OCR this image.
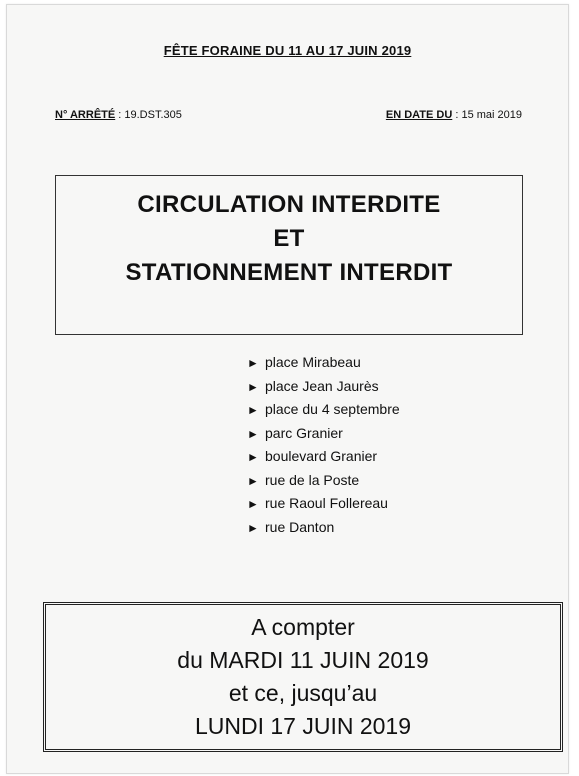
FÊTE FORAINE DU 11 AU 17 JUIN 2019
N° ARRÊTÉ : 19.DST.305	EN DATE DU : 15 mai 2019
CIRCULATION INTERDITE
ET
STATIONNEMENT INTERDIT
► place Mirabeau
► place Jean Jaurès
► place du 4 septembre
► parc Granier
► boulevard Granier
► rue de la Poste
► rue Raoul Follereau
► rue Danton
A compter
du MARDI 11 JUIN 2019
et ce, jusqu’au
LUNDI 17 JUIN 2019
